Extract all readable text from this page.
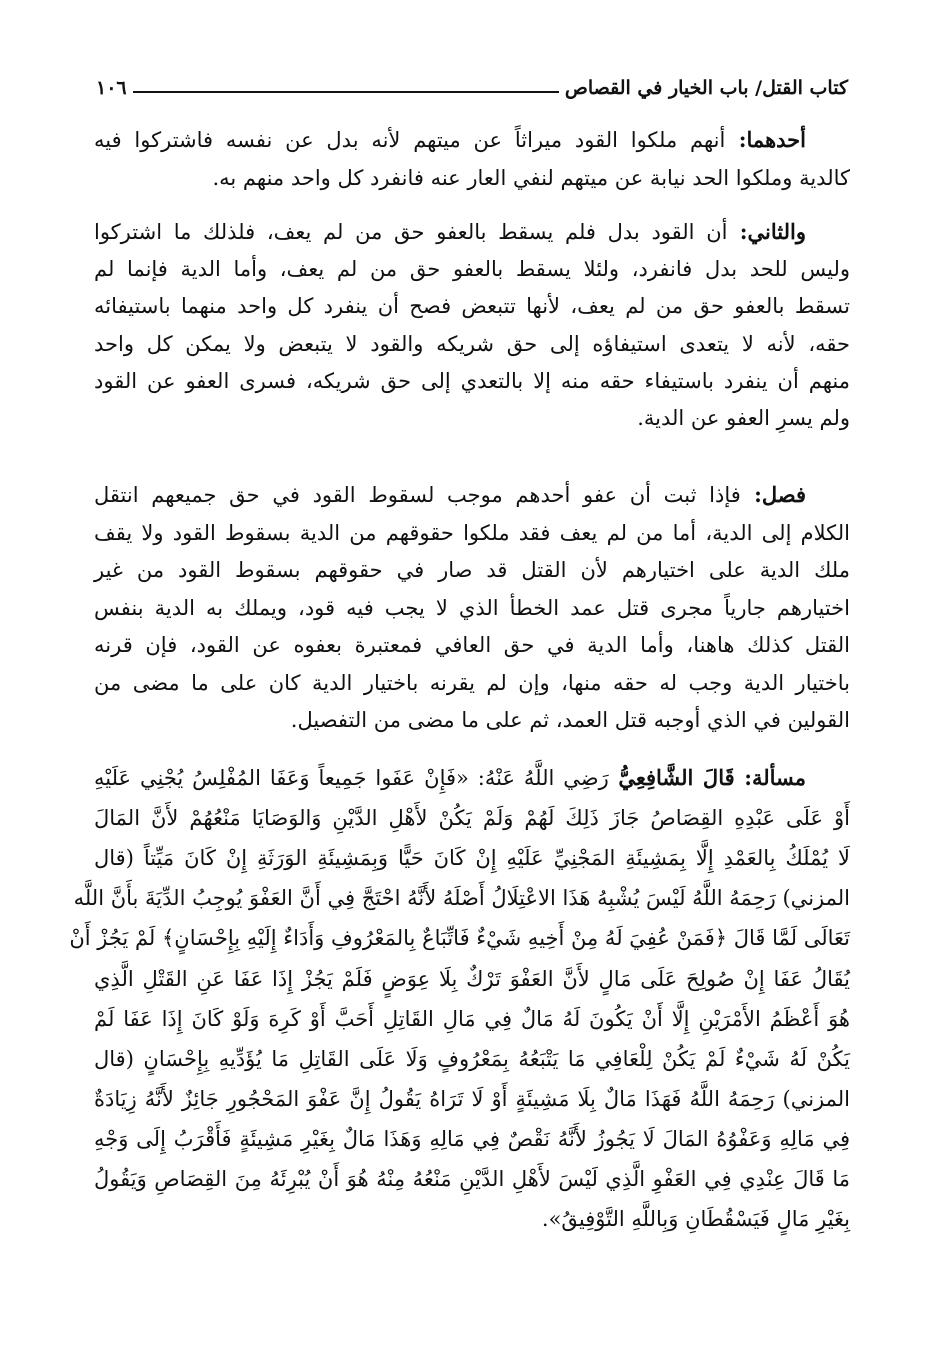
كتاب القتل/ باب الخيار في القصاص
١٠٦
أحدهما: أنهم ملكوا القود ميراثاً عن ميتهم لأنه بدل عن نفسه فاشتركوا فيه
كالدية وملكوا الحد نيابة عن ميتهم لنفي العار عنه فانفرد كل واحد منهم به.
والثاني: أن القود بدل فلم يسقط بالعفو حق من لم يعف، فلذلك ما اشتركوا
وليس للحد بدل فانفرد، ولئلا يسقط بالعفو حق من لم يعف، وأما الدية فإنما لم
تسقط بالعفو حق من لم يعف، لأنها تتبعض فصح أن ينفرد كل واحد منهما باستيفائه
حقه، لأنه لا يتعدى استيفاؤه إلى حق شريكه والقود لا يتبعض ولا يمكن كل واحد
منهم أن ينفرد باستيفاء حقه منه إلا بالتعدي إلى حق شريكه، فسرى العفو عن القود
ولم يسرِ العفو عن الدية.
فصل: فإذا ثبت أن عفو أحدهم موجب لسقوط القود في حق جميعهم انتقل
الكلام إلى الدية، أما من لم يعف فقد ملكوا حقوقهم من الدية بسقوط القود ولا يقف
ملك الدية على اختيارهم لأن القتل قد صار في حقوقهم بسقوط القود من غير
اختيارهم جارياً مجرى قتل عمد الخطأ الذي لا يجب فيه قود، ويملك به الدية بنفس
القتل كذلك هاهنا، وأما الدية في حق العافي فمعتبرة بعفوه عن القود، فإن قرنه
باختيار الدية وجب له حقه منها، وإن لم يقرنه باختيار الدية كان على ما مضى من
القولين في الذي أوجبه قتل العمد، ثم على ما مضى من التفصيل.
مسألة: قَالَ الشَّافِعِيُّ رَضِي اللَّهُ عَنْهُ: «فَإِنْ عَفَوا جَمِيعاً وَعَفَا المُفْلِسُ يُجْنِي عَلَيْهِ
أَوْ عَلَى عَبْدِهِ القِصَاصُ جَازَ ذَلِكَ لَهُمْ وَلَمْ يَكُنْ لأَهْلِ الدَّيْنِ وَالوَصَايَا مَنْعُهُمْ لأَنَّ المَالَ
لَا يُمْلَكُ بِالعَمْدِ إِلَّا بِمَشِيئَةِ المَجْنِيِّ عَلَيْهِ إِنْ كَانَ حَيًّا وَبِمَشِيئَةِ الوَرَثَةِ إِنْ كَانَ مَيِّتاً (قال
المزني) رَحِمَهُ اللَّهُ لَيْسَ يُشْبِهُ هَذَا الاعْتِلَالُ أَصْلَهُ لأَنَّهُ احْتَجَّ فِي أَنَّ العَفْوَ يُوجِبُ الدِّيَةَ بأَنَّ اللَّه
تَعَالَى لَمَّا قَالَ ﴿فَمَنْ عُفِيَ لَهُ مِنْ أَخِيهِ شَيْءٌ فَاتِّبَاعٌ بِالمَعْرُوفِ وَأَدَاءٌ إِلَيْهِ بِإِحْسَانٍ﴾ لَمْ يَجُزْ أَنْ
يُقَالُ عَفَا إِنْ صُولِحَ عَلَى مَالٍ لأَنَّ العَفْوَ تَرْكٌ بِلَا عِوَضٍ فَلَمْ يَجُزْ إِذَا عَفَا عَنِ القَتْلِ الَّذِي
هُوَ أَعْظَمُ الأَمْرَيْنِ إِلَّا أَنْ يَكُونَ لَهُ مَالٌ فِي مَالِ القَاتِلِ أَحَبَّ أَوْ كَرِهَ وَلَوْ كَانَ إِذَا عَفَا لَمْ
يَكُنْ لَهُ شَيْءٌ لَمْ يَكُنْ لِلْعَافِي مَا يَتْبَعُهُ بِمَعْرُوفٍ وَلَا عَلَى القَاتِلِ مَا يُؤَدِّيهِ بِإِحْسَانٍ (قال
المزني) رَحِمَهُ اللَّهُ فَهَذَا مَالٌ بِلَا مَشِيئَةٍ أَوْ لَا تَرَاهُ يَقُولُ إِنَّ عَفْوَ المَحْجُورِ جَائِزٌ لأَنَّهُ زِيَادَةٌ
فِي مَالِهِ وَعَفْوُهُ المَالَ لَا يَجُوزُ لأَنَّهُ نَقْصٌ فِي مَالِهِ وَهَذَا مَالٌ بِغَيْرِ مَشِيئَةٍ فَأَقْرَبُ إِلَى وَجْهِ
مَا قَالَ عِنْدِي فِي العَفْوِ الَّذِي لَيْسَ لأَهْلِ الدَّيْنِ مَنْعُهُ مِنْهُ هُوَ أَنْ يُبْرِئَهُ مِنَ القِصَاصِ وَيَقُولُ
بِغَيْرِ مَالٍ فَيَسْقُطَانِ وَبِاللَّهِ التَّوْفِيقُ».
